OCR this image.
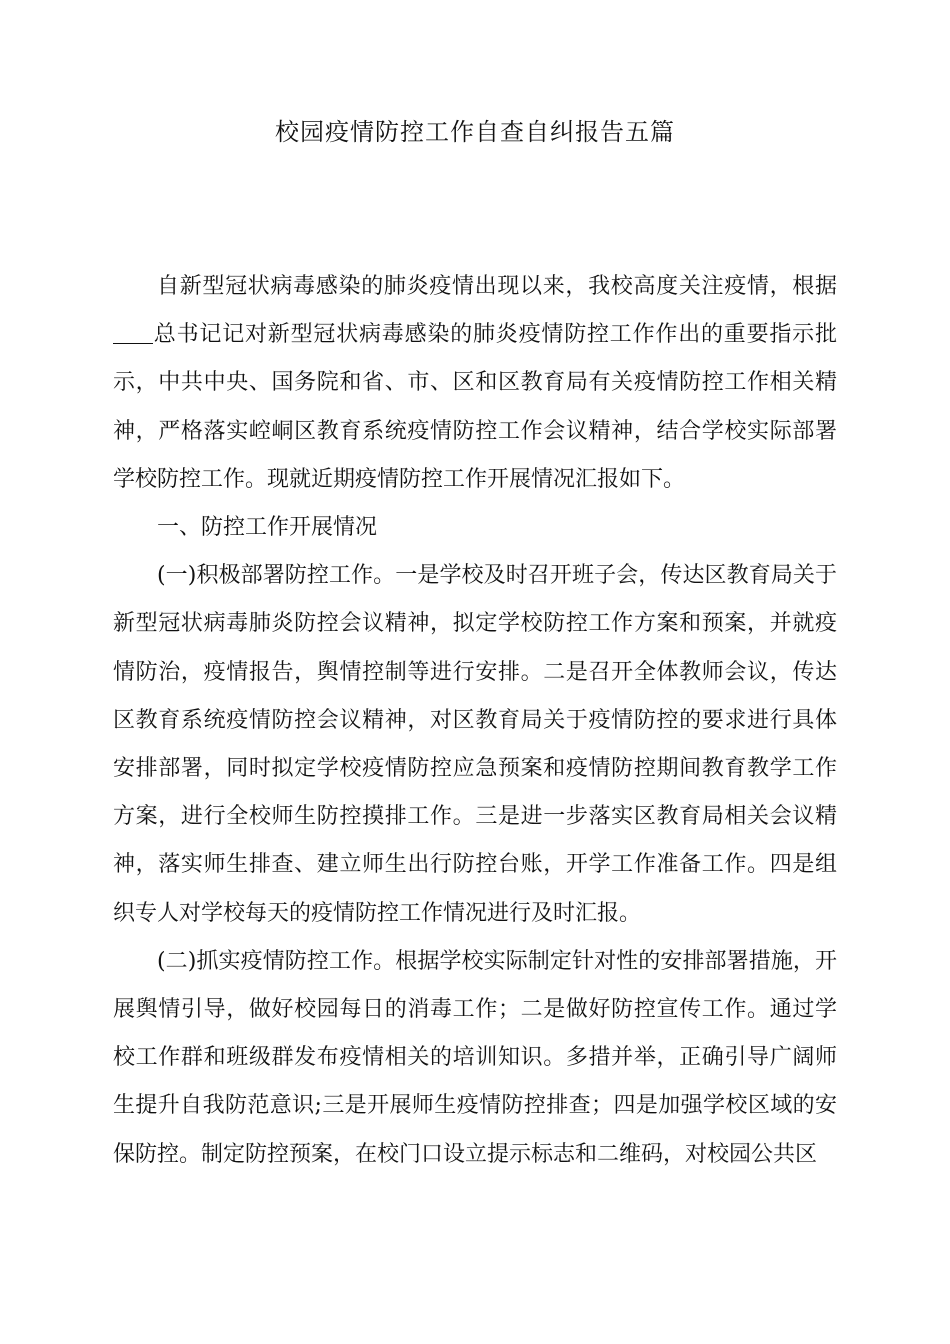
校园疫情防控工作自查自纠报告五篇

自新型冠状病毒感染的肺炎疫情出现以来，我校高度关注疫情，根据总书记记对新型冠状病毒感染的肺炎疫情防控工作作出的重要指示批示，中共中央、国务院和省、市、区和区教育局有关疫情防控工作相关精神，严格落实崆峒区教育系统疫情防控工作会议精神，结合学校实际部署学校防控工作。现就近期疫情防控工作开展情况汇报如下。

一、防控工作开展情况

(一)积极部署防控工作。一是学校及时召开班子会，传达区教育局关于新型冠状病毒肺炎防控会议精神，拟定学校防控工作方案和预案，并就疫情防治，疫情报告，舆情控制等进行安排。二是召开全体教师会议，传达区教育系统疫情防控会议精神，对区教育局关于疫情防控的要求进行具体安排部署，同时拟定学校疫情防控应急预案和疫情防控期间教育教学工作方案，进行全校师生防控摸排工作。三是进一步落实区教育局相关会议精神，落实师生排查、建立师生出行防控台账，开学工作准备工作。四是组织专人对学校每天的疫情防控工作情况进行及时汇报。

(二)抓实疫情防控工作。根据学校实际制定针对性的安排部署措施，开展舆情引导，做好校园每日的消毒工作；二是做好防控宣传工作。通过学校工作群和班级群发布疫情相关的培训知识。多措并举，正确引导广阔师生提升自我防范意识;三是开展师生疫情防控排查；四是加强学校区域的安保防控。制定防控预案，在校门口设立提示标志和二维码，对校园公共区
